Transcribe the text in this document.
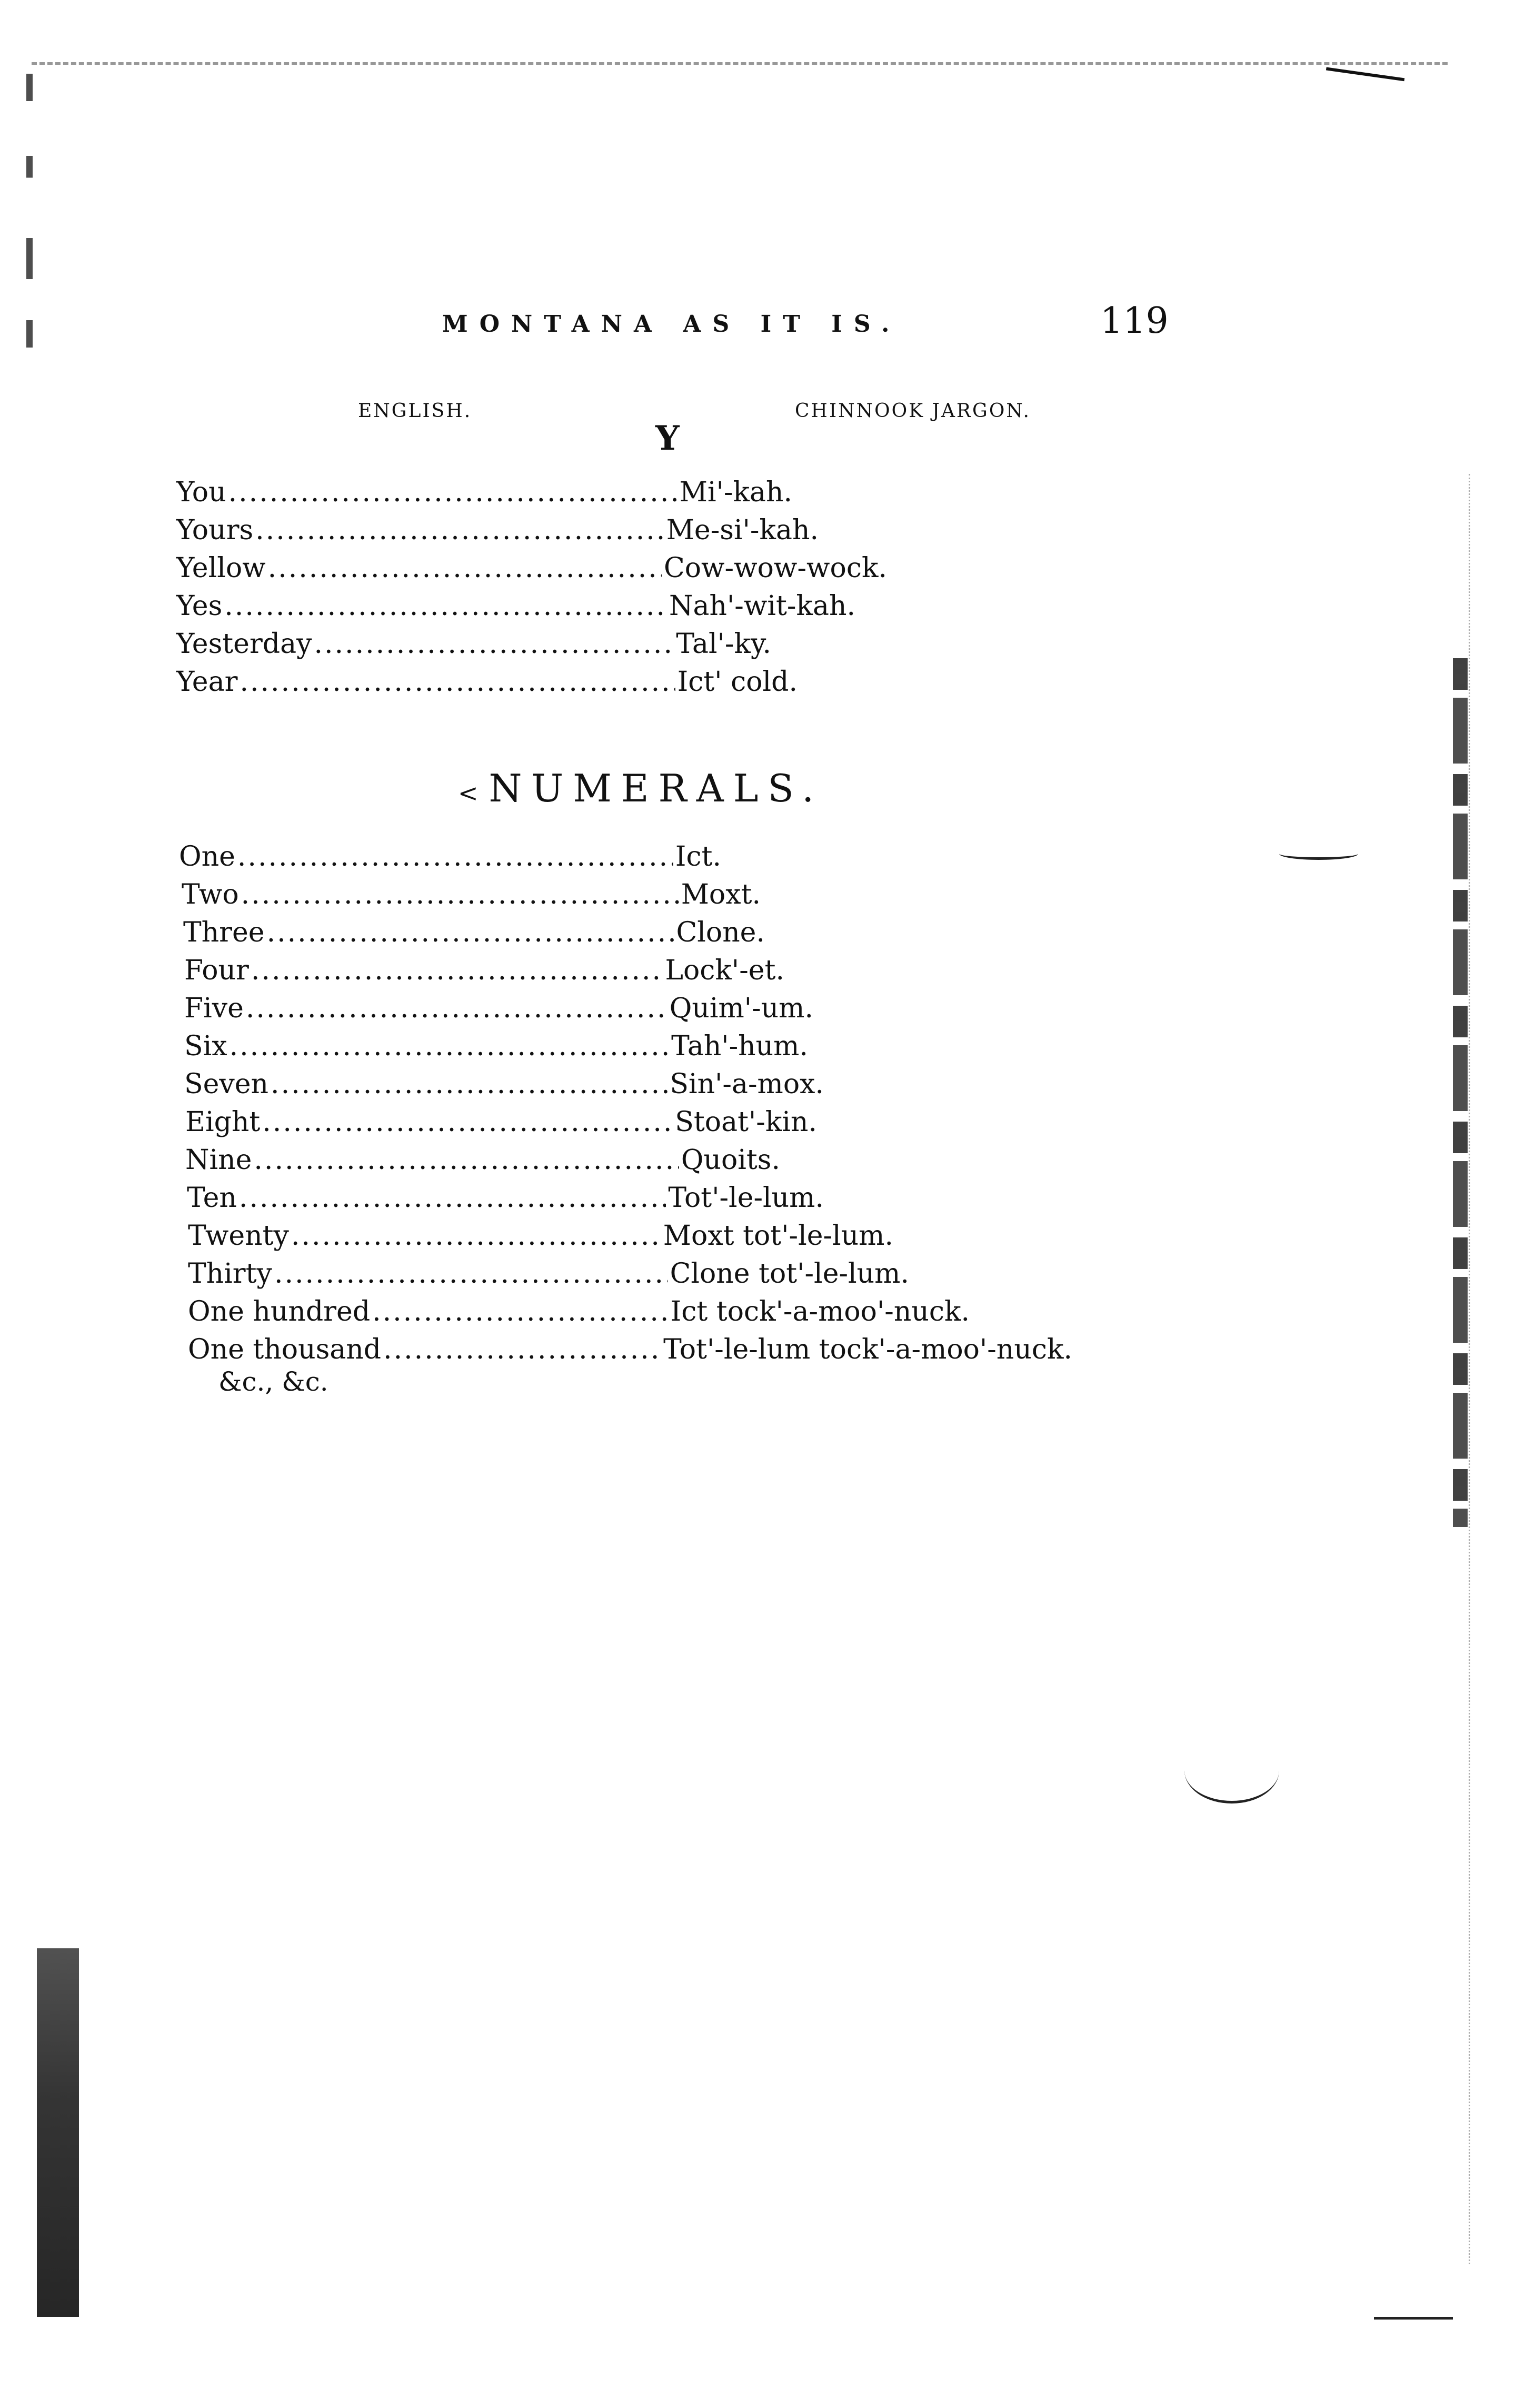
MONTANA AS IT IS.	119
ENGLISH.	CHINNOOK JARGON.
Y
You .....	Mi'-kah.
Yours .....	Me-si'-kah.
Yellow .....	Cow-wow-wock.
Yes .....	Nah'-wit-kah.
Yesterday .....	Tal'-ky.
Year .....	Ict' cold.
< NUMERALS.
One .....	Ict.
Two .....	Moxt.
Three .....	Clone.
Four .....	Lock'-et.
Five .....	Quim'-um.
Six .....	Tah'-hum.
Seven .....	Sin'-a-mox.
Eight .....	Stoat'-kin.
Nine .....	Quoits.
Ten .....	Tot'-le-lum.
Twenty .....	Moxt tot'-le-lum.
Thirty .....	Clone tot'-le-lum.
One hundred .....	Ict tock'-a-moo'-nuck.
One thousand .....	Tot'-le-lum tock'-a-moo'-nuck.
&c., &c.
